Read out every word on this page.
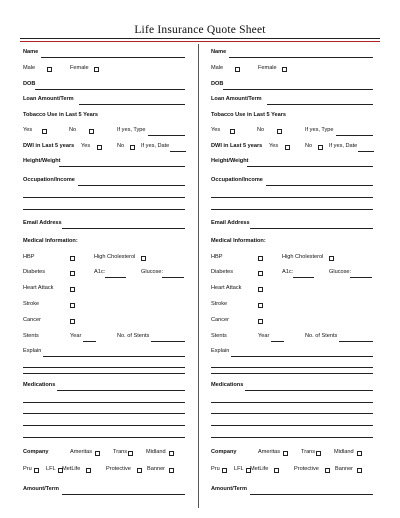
Life Insurance Quote Sheet
Name
Male	Female
DOB
Loan Amount/Term
Tobacco Use in Last 5 Years
Yes	No	If yes, Type
DWI in Last 5 years Yes	No	If yes, Date
Height/Weight
Occupation/Income
Email Address
Medical Information:
HBP	High Cholesterol
Diabetes	A1c:	Glucose:
Heart Attack
Stroke
Cancer
Stents	Year	No. of Stents
Explain
Medications
Company	Ameritas	Trans	Midland
Pru	LFL MetLife	Protective	Banner
Amount/Term
Name
Male	Female
DOB
Loan Amount/Term
Tobacco Use in Last 5 Years
Yes	No	If yes, Type
DWI in Last 5 years Yes	No	If yes, Date
Height/Weight
Occupation/Income
Email Address
Medical Information:
HBP	High Cholesterol
Diabetes	A1c:	Glucose:
Heart Attack
Stroke
Cancer
Stents	Year	No. of Stents
Explain
Medications
Company	Ameritas	Trans	Midland
Pru	LFL MetLife	Protective	Banner
Amount/Term
